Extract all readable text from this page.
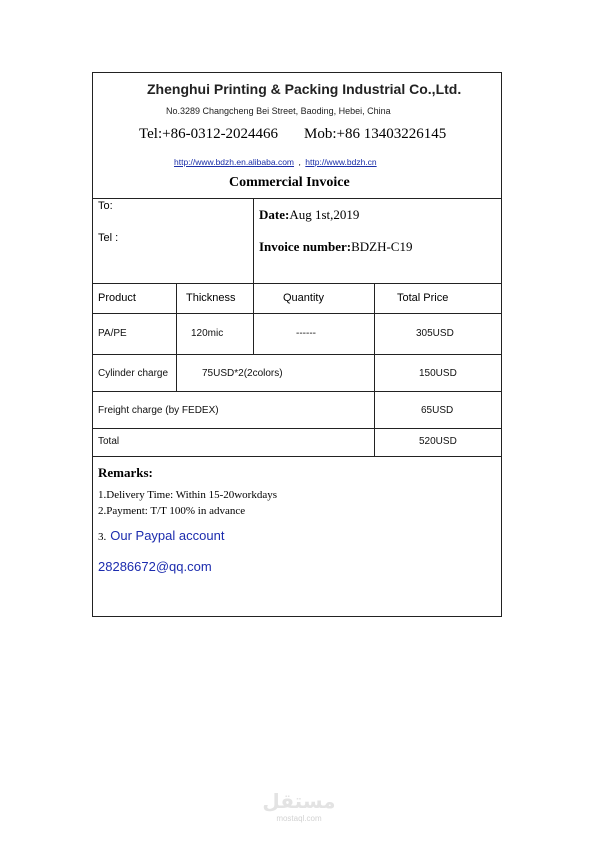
Zhenghui Printing & Packing Industrial Co.,Ltd.
No.3289 Changcheng Bei Street, Baoding, Hebei, China
Tel:+86-0312-2024466 Mob:+86 13403226145
http://www.bdzh.en.alibaba.com , http://www.bdzh.cn
Commercial Invoice
To:
Tel :
Date:Aug 1st,2019
Invoice number:BDZH-C19
Product	Thickness	Quantity	Total Price
PA/PE	120mic	------	305USD
Cylinder charge	75USD*2(2colors)	150USD
Freight charge (by FEDEX)	65USD
Total	520USD
Remarks:
1.Delivery Time: Within 15-20workdays
2.Payment: T/T 100% in advance
3. Our Paypal account
28286672@qq.com
مستقل
mostaql.com
